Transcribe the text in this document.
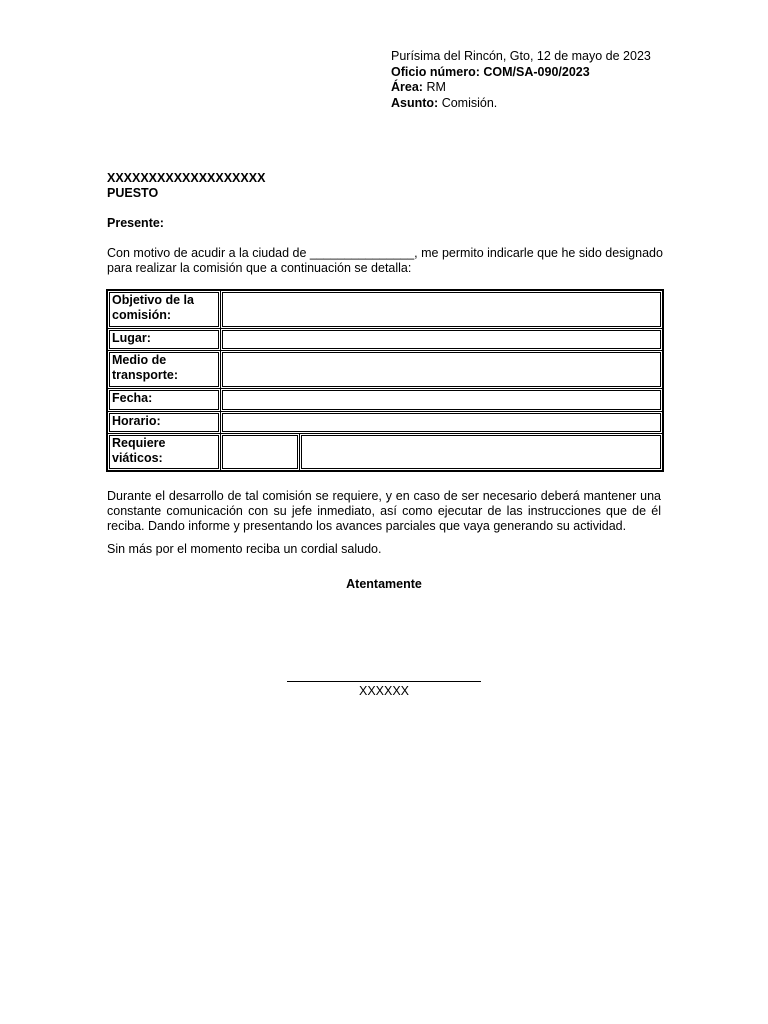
Purísima del Rincón, Gto, 12 de mayo de 2023
Oficio número: COM/SA-090/2023
Área: RM
Asunto: Comisión.
XXXXXXXXXXXXXXXXXXX
PUESTO
Presente:
Con motivo de acudir a la ciudad de _______________, me permito indicarle que he sido designado
para realizar la comisión que a continuación se detalla:
Objetivo de la comisión:		
Lugar:		
Medio de transporte:		
Fecha:		
Horario:		
Requiere viáticos:		
Durante el desarrollo de tal comisión se requiere, y en caso de ser necesario deberá mantener una
constante comunicación con su jefe inmediato, así como ejecutar de las instrucciones que de él
reciba. Dando informe y presentando los avances parciales que vaya generando su actividad.
Sin más por el momento reciba un cordial saludo.
Atentamente
XXXXXX
